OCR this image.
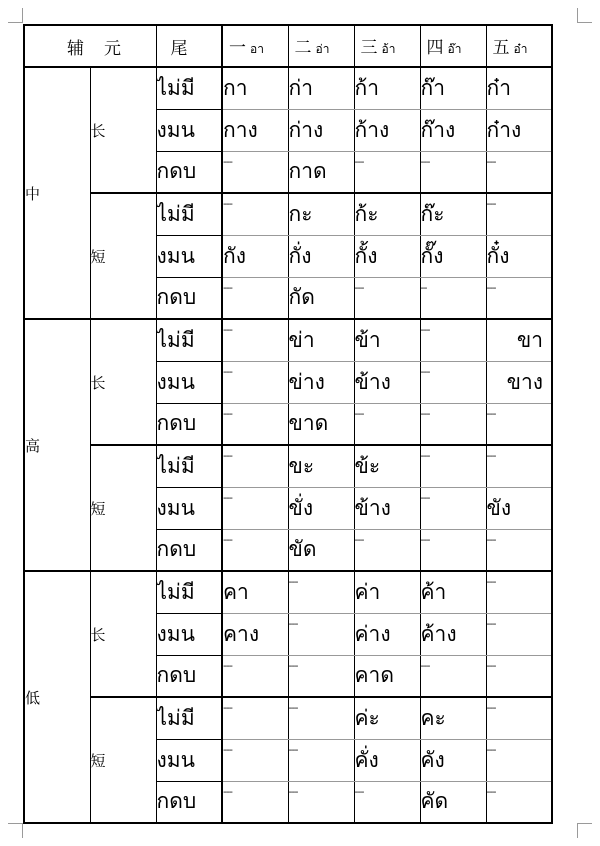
辅	元	尾	一 อา	二 อ่า	三 อ้า	四 อ๊า	五 อ๋า
中	长	ไม่มี	กา	ก่า	ก้า	ก๊า	ก๋า
		งมน	กาง	ก่าง	ก้าง	ก๊าง	ก๋าง
		กดบ	---	กาด	---	---	---
	短	ไม่มี	---	กะ	ก้ะ	ก๊ะ	---
		งมน	กัง	กั่ง	กั้ง	กั๊ง	กั๋ง
		กดบ	---	กัด	---	--	---
高	长	ไม่มี	---	ข่า	ข้า	---	ขา
		งมน	---	ข่าง	ข้าง	---	ขาง
		กดบ	---	ขาด	---	---	---
	短	ไม่มี	---	ขะ	ข้ะ	---	---
		งมน	---	ขั่ง	ข้าง	---	ขัง
		กดบ	---	ขัด	---	---	---
低	长	ไม่มี	คา	---	ค่า	ค้า	---
		งมน	คาง	---	ค่าง	ค้าง	---
		กดบ	---	---	คาด	---	---
	短	ไม่มี	---	---	ค่ะ	คะ	---
		งมน	---	---	คั่ง	คัง	---
		กดบ	---	---	---	คัด	---
